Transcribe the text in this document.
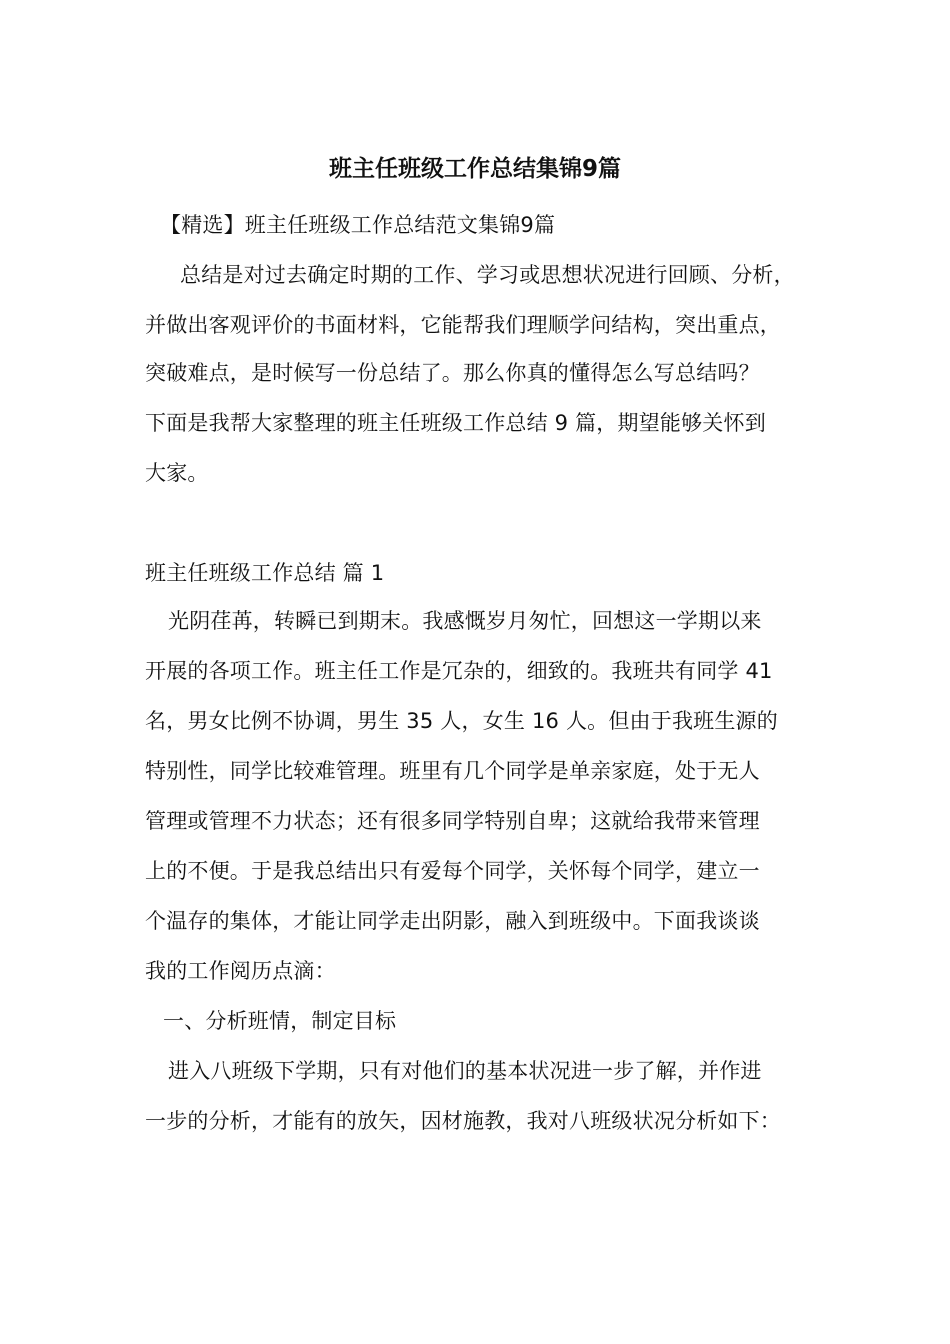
班主任班级工作总结集锦9篇
【精选】班主任班级工作总结范文集锦9篇
总结是对过去确定时期的工作、学习或思想状况进行回顾、分析，
并做出客观评价的书面材料，它能帮我们理顺学问结构，突出重点，
突破难点，是时候写一份总结了。那么你真的懂得怎么写总结吗？
下面是我帮大家整理的班主任班级工作总结 9 篇，期望能够关怀到
大家。
班主任班级工作总结 篇 1
光阴荏苒，转瞬已到期末。我感慨岁月匆忙，回想这一学期以来
开展的各项工作。班主任工作是冗杂的，细致的。我班共有同学 41
名，男女比例不协调，男生 35 人，女生 16 人。但由于我班生源的
特别性，同学比较难管理。班里有几个同学是单亲家庭，处于无人
管理或管理不力状态；还有很多同学特别自卑；这就给我带来管理
上的不便。于是我总结出只有爱每个同学，关怀每个同学，建立一
个温存的集体，才能让同学走出阴影，融入到班级中。下面我谈谈
我的工作阅历点滴：
一、分析班情，制定目标
进入八班级下学期，只有对他们的基本状况进一步了解，并作进
一步的分析，才能有的放矢，因材施教，我对八班级状况分析如下：
